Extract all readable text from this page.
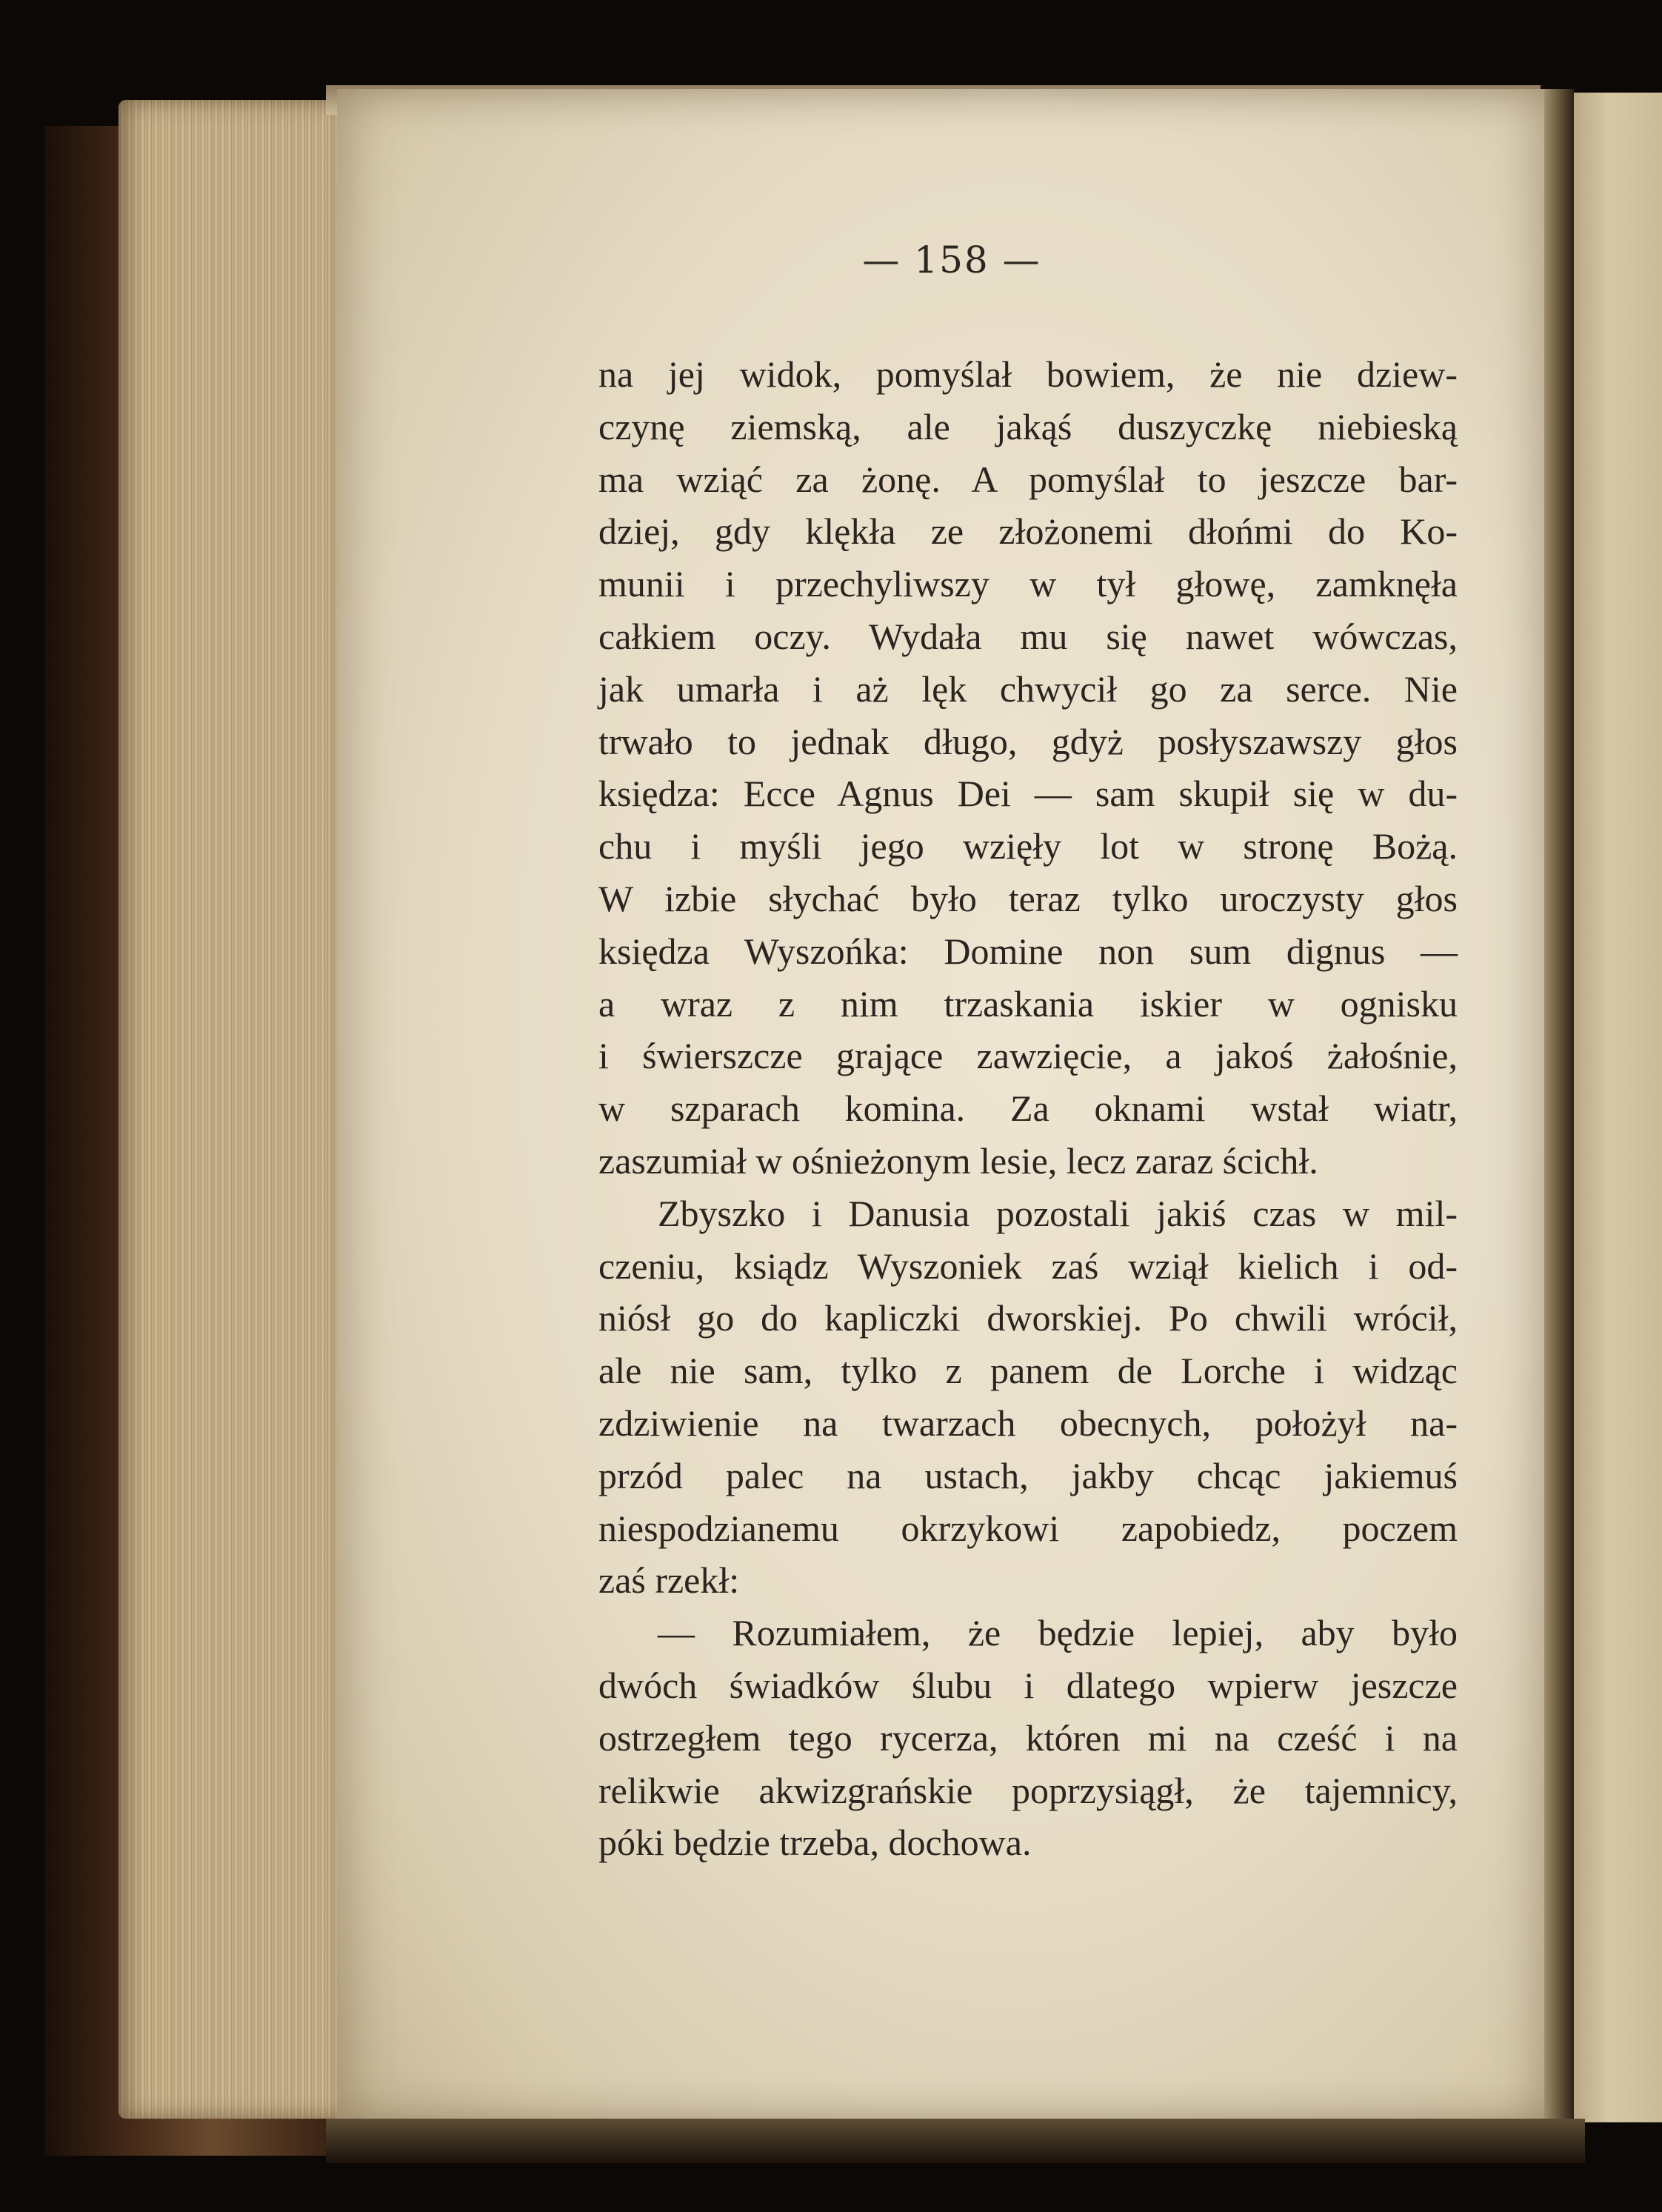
— 158 —
na jej widok, pomyślał bowiem, że nie dziew-
czynę ziemską, ale jakąś duszyczkę niebieską
ma wziąć za żonę. A pomyślał to jeszcze bar-
dziej, gdy klękła ze złożonemi dłońmi do Ko-
munii i przechyliwszy w tył głowę, zamknęła
całkiem oczy. Wydała mu się nawet wówczas,
jak umarła i aż lęk chwycił go za serce. Nie
trwało to jednak długo, gdyż posłyszawszy głos
księdza: Ecce Agnus Dei — sam skupił się w du-
chu i myśli jego wzięły lot w stronę Bożą.
W izbie słychać było teraz tylko uroczysty głos
księdza Wyszońka: Domine non sum dignus —
a wraz z nim trzaskania iskier w ognisku
i świerszcze grające zawzięcie, a jakoś żałośnie,
w szparach komina. Za oknami wstał wiatr,
zaszumiał w ośnieżonym lesie, lecz zaraz ścichł.
Zbyszko i Danusia pozostali jakiś czas w mil-
czeniu, ksiądz Wyszoniek zaś wziął kielich i od-
niósł go do kapliczki dworskiej. Po chwili wrócił,
ale nie sam, tylko z panem de Lorche i widząc
zdziwienie na twarzach obecnych, położył na-
przód palec na ustach, jakby chcąc jakiemuś
niespodzianemu okrzykowi zapobiedz, poczem
zaś rzekł:
— Rozumiałem, że będzie lepiej, aby było
dwóch świadków ślubu i dlatego wpierw jeszcze
ostrzegłem tego rycerza, któren mi na cześć i na
relikwie akwizgrańskie poprzysiągł, że tajemnicy,
póki będzie trzeba, dochowa.
